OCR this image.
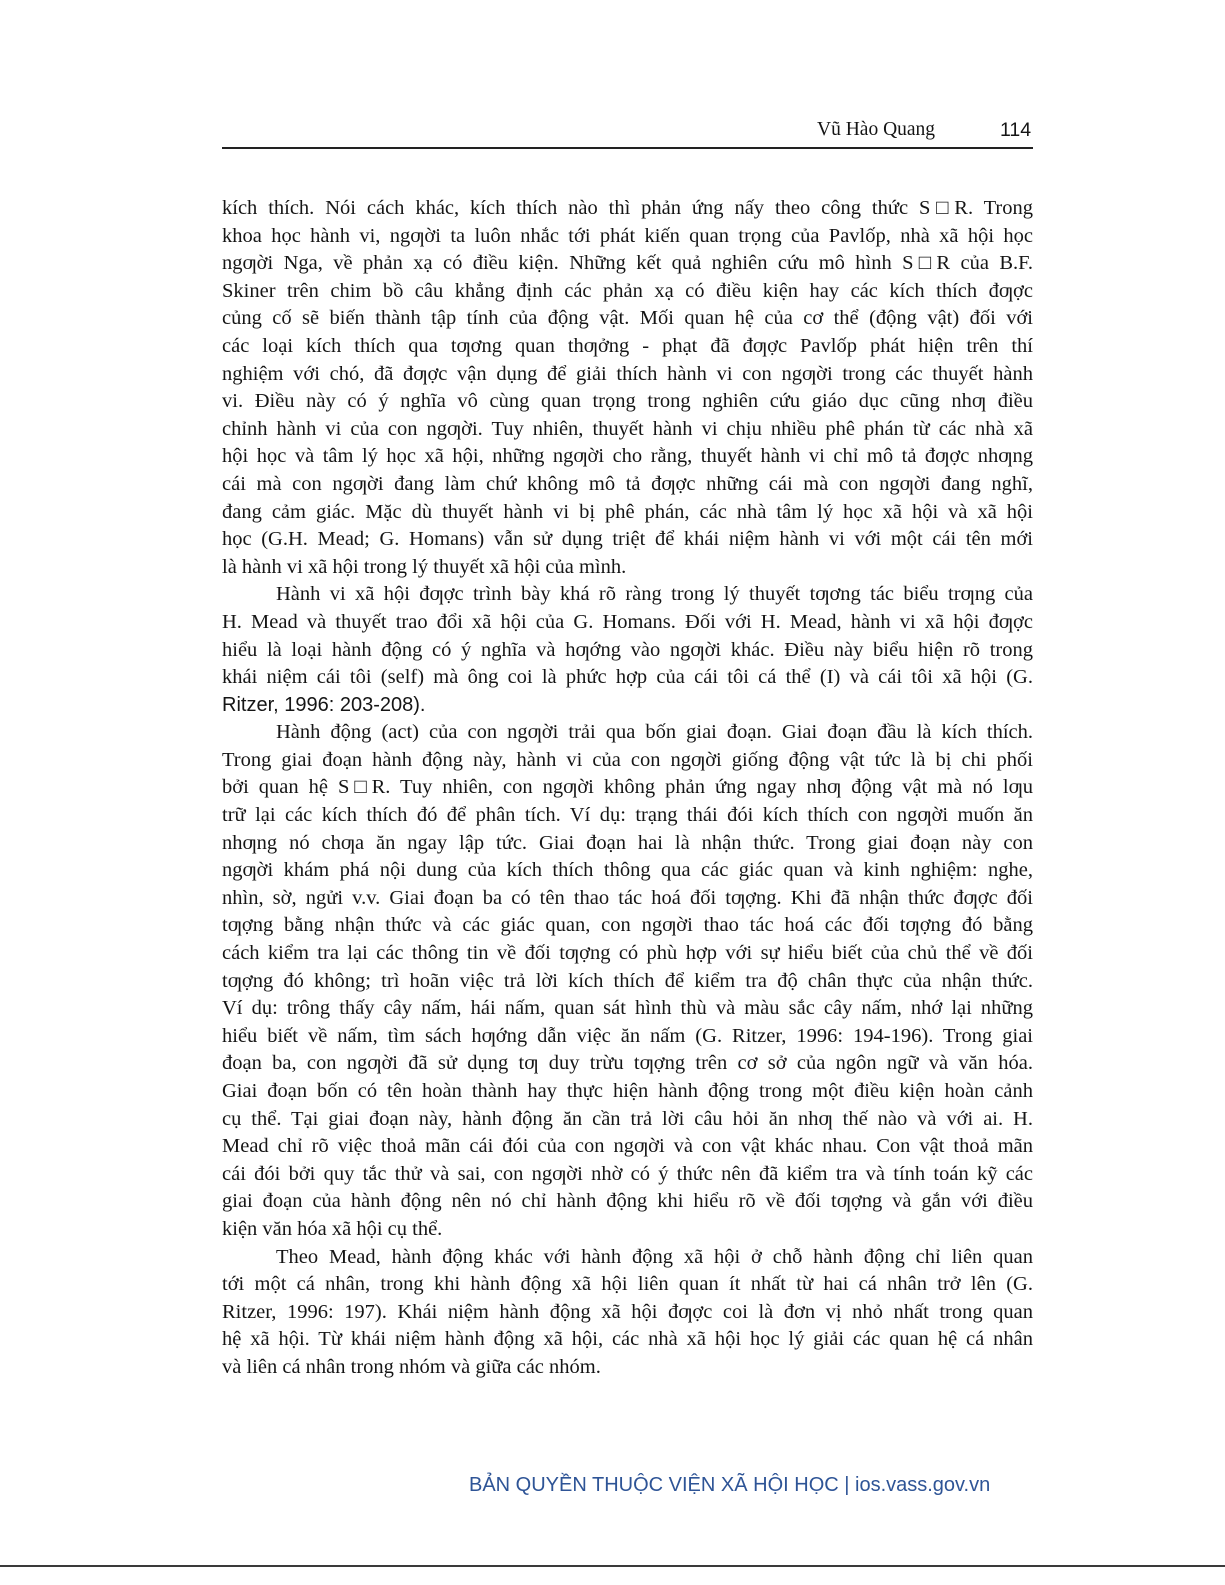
Vũ Hào Quang	114
kích thích. Nói cách khác, kích thích nào thì phản ứng nấy theo công thức S□R. Trong
khoa học hành vi, ngƣời ta luôn nhắc tới phát kiến quan trọng của Pavlốp, nhà xã hội học
ngƣời Nga, về phản xạ có điều kiện. Những kết quả nghiên cứu mô hình S□R của B.F.
Skiner trên chim bồ câu khẳng định các phản xạ có điều kiện hay các kích thích đƣợc
củng cố sẽ biến thành tập tính của động vật. Mối quan hệ của cơ thể (động vật) đối với
các loại kích thích qua tƣơng quan thƣởng - phạt đã đƣợc Pavlốp phát hiện trên thí
nghiệm với chó, đã đƣợc vận dụng để giải thích hành vi con ngƣời trong các thuyết hành
vi. Điều này có ý nghĩa vô cùng quan trọng trong nghiên cứu giáo dục cũng nhƣ điều
chỉnh hành vi của con ngƣời. Tuy nhiên, thuyết hành vi chịu nhiều phê phán từ các nhà xã
hội học và tâm lý học xã hội, những ngƣời cho rằng, thuyết hành vi chỉ mô tả đƣợc nhƣng
cái mà con ngƣời đang làm chứ không mô tả đƣợc những cái mà con ngƣời đang nghĩ,
đang cảm giác. Mặc dù thuyết hành vi bị phê phán, các nhà tâm lý học xã hội và xã hội
học (G.H. Mead; G. Homans) vẫn sử dụng triệt để khái niệm hành vi với một cái tên mới
là hành vi xã hội trong lý thuyết xã hội của mình.
Hành vi xã hội đƣợc trình bày khá rõ ràng trong lý thuyết tƣơng tác biểu trƣng của
H. Mead và thuyết trao đổi xã hội của G. Homans. Đối với H. Mead, hành vi xã hội đƣợc
hiểu là loại hành động có ý nghĩa và hƣớng vào ngƣời khác. Điều này biểu hiện rõ trong
khái niệm cái tôi (self) mà ông coi là phức hợp của cái tôi cá thể (I) và cái tôi xã hội (G.
Ritzer, 1996: 203-208).
Hành động (act) của con ngƣời trải qua bốn giai đoạn. Giai đoạn đầu là kích thích.
Trong giai đoạn hành động này, hành vi của con ngƣời giống động vật tức là bị chi phối
bởi quan hệ S□R. Tuy nhiên, con ngƣời không phản ứng ngay nhƣ động vật mà nó lƣu
trữ lại các kích thích đó để phân tích. Ví dụ: trạng thái đói kích thích con ngƣời muốn ăn
nhƣng nó chƣa ăn ngay lập tức. Giai đoạn hai là nhận thức. Trong giai đoạn này con
ngƣời khám phá nội dung của kích thích thông qua các giác quan và kinh nghiệm: nghe,
nhìn, sờ, ngửi v.v. Giai đoạn ba có tên thao tác hoá đối tƣợng. Khi đã nhận thức đƣợc đối
tƣợng bằng nhận thức và các giác quan, con ngƣời thao tác hoá các đối tƣợng đó bằng
cách kiểm tra lại các thông tin về đối tƣợng có phù hợp với sự hiểu biết của chủ thể về đối
tƣợng đó không; trì hoãn việc trả lời kích thích để kiểm tra độ chân thực của nhận thức.
Ví dụ: trông thấy cây nấm, hái nấm, quan sát hình thù và màu sắc cây nấm, nhớ lại những
hiểu biết về nấm, tìm sách hƣớng dẫn việc ăn nấm (G. Ritzer, 1996: 194-196). Trong giai
đoạn ba, con ngƣời đã sử dụng tƣ duy trừu tƣợng trên cơ sở của ngôn ngữ và văn hóa.
Giai đoạn bốn có tên hoàn thành hay thực hiện hành động trong một điều kiện hoàn cảnh
cụ thể. Tại giai đoạn này, hành động ăn cần trả lời câu hỏi ăn nhƣ thế nào và với ai. H.
Mead chỉ rõ việc thoả mãn cái đói của con ngƣời và con vật khác nhau. Con vật thoả mãn
cái đói bởi quy tắc thử và sai, con ngƣời nhờ có ý thức nên đã kiểm tra và tính toán kỹ các
giai đoạn của hành động nên nó chỉ hành động khi hiểu rõ về đối tƣợng và gắn với điều
kiện văn hóa xã hội cụ thể.
Theo Mead, hành động khác với hành động xã hội ở chỗ hành động chỉ liên quan
tới một cá nhân, trong khi hành động xã hội liên quan ít nhất từ hai cá nhân trở lên (G.
Ritzer, 1996: 197). Khái niệm hành động xã hội đƣợc coi là đơn vị nhỏ nhất trong quan
hệ xã hội. Từ khái niệm hành động xã hội, các nhà xã hội học lý giải các quan hệ cá nhân
và liên cá nhân trong nhóm và giữa các nhóm.
BẢN QUYỀN THUỘC VIỆN XÃ HỘI HỌC | ios.vass.gov.vn
